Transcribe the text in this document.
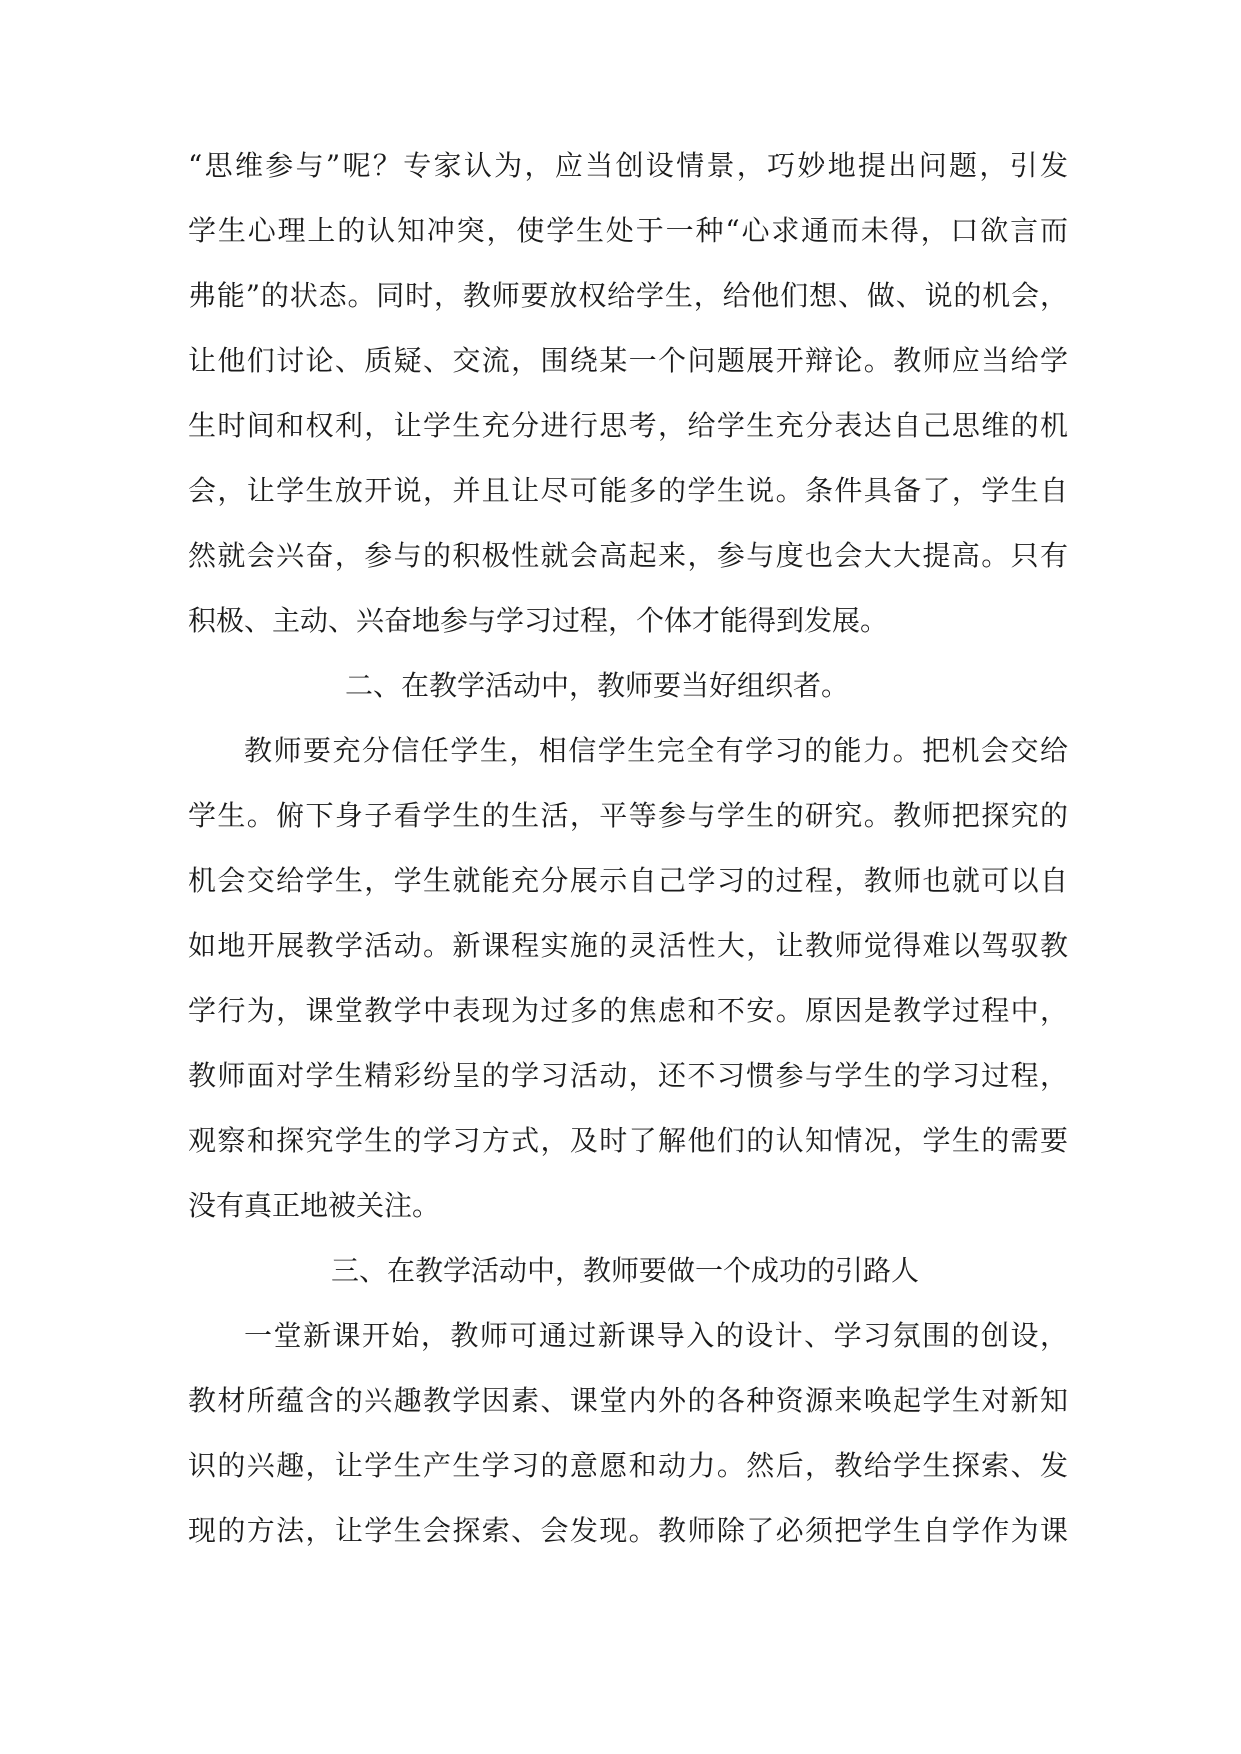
“思维参与”呢？专家认为，应当创设情景，巧妙地提出问题，引发
学生心理上的认知冲突，使学生处于一种“心求通而未得，口欲言而
弗能”的状态。同时，教师要放权给学生，给他们想、做、说的机会，
让他们讨论、质疑、交流，围绕某一个问题展开辩论。教师应当给学
生时间和权利，让学生充分进行思考，给学生充分表达自己思维的机
会，让学生放开说，并且让尽可能多的学生说。条件具备了，学生自
然就会兴奋，参与的积极性就会高起来，参与度也会大大提高。只有
积极、主动、兴奋地参与学习过程，个体才能得到发展。
二、在教学活动中，教师要当好组织者。
教师要充分信任学生，相信学生完全有学习的能力。把机会交给
学生。俯下身子看学生的生活，平等参与学生的研究。教师把探究的
机会交给学生，学生就能充分展示自己学习的过程，教师也就可以自
如地开展教学活动。新课程实施的灵活性大，让教师觉得难以驾驭教
学行为，课堂教学中表现为过多的焦虑和不安。原因是教学过程中，
教师面对学生精彩纷呈的学习活动，还不习惯参与学生的学习过程，
观察和探究学生的学习方式，及时了解他们的认知情况，学生的需要
没有真正地被关注。
三、在教学活动中，教师要做一个成功的引路人
一堂新课开始，教师可通过新课导入的设计、学习氛围的创设，
教材所蕴含的兴趣教学因素、课堂内外的各种资源来唤起学生对新知
识的兴趣，让学生产生学习的意愿和动力。然后，教给学生探索、发
现的方法，让学生会探索、会发现。教师除了必须把学生自学作为课
